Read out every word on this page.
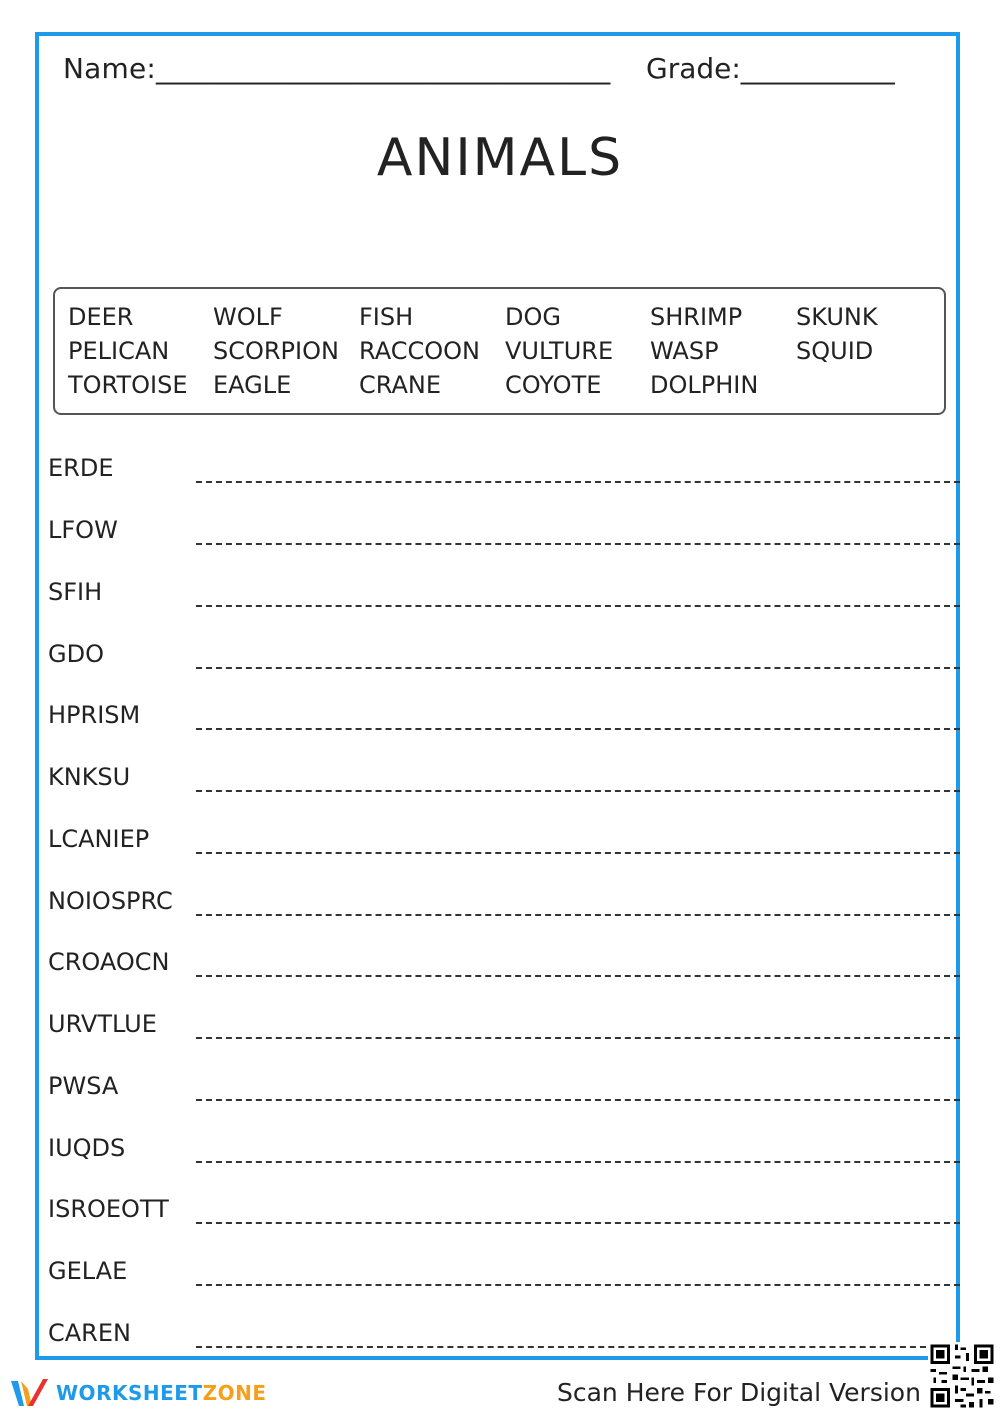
Name:________________________________ Grade:___________
ANIMALS
DEER
PELICAN
TORTOISE
WOLF
SCORPION
EAGLE
FISH
RACCOON
CRANE
DOG
VULTURE
COYOTE
SHRIMP
WASP
DOLPHIN
SKUNK
SQUID
ERDE
LFOW
SFIH
GDO
HPRISM
KNKSU
LCANIEP
NOIOSPRC
CROAOCN
URVTLUE
PWSA
IUQDS
ISROEOTT
GELAE
CAREN
WORKSHEETZONE	Scan Here For Digital Version
